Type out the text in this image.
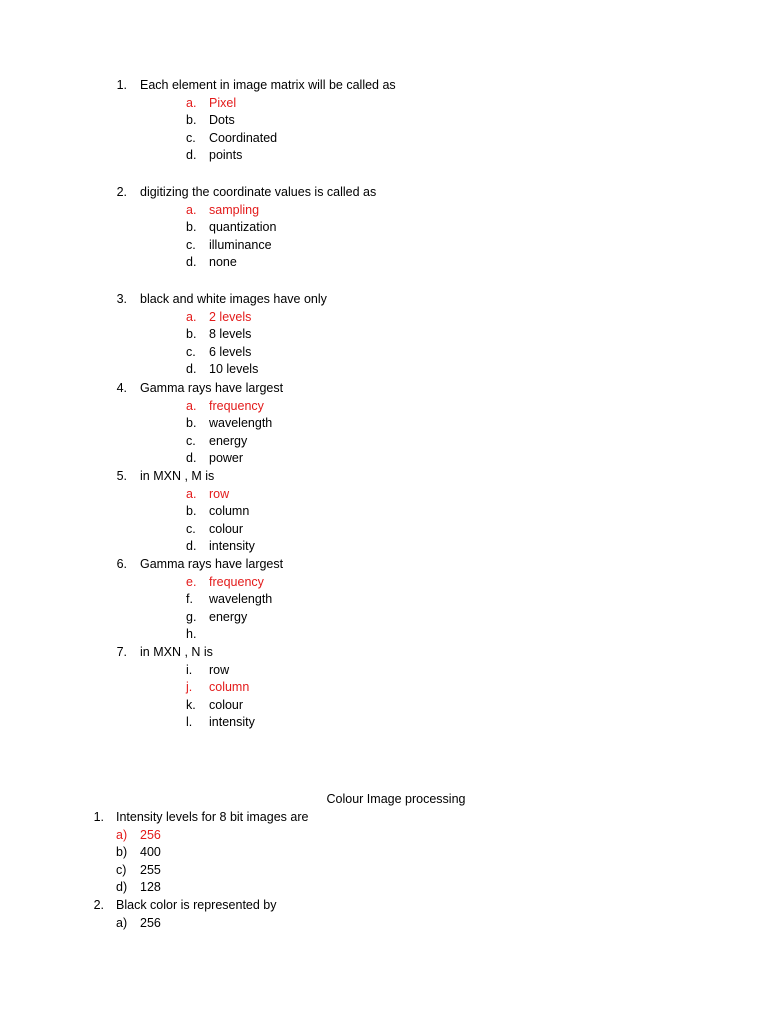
1. Each element in image matrix will be called as
a. Pixel
b. Dots
c. Coordinated
d. points
2. digitizing the coordinate values is called as
a. sampling
b. quantization
c. illuminance
d. none
3. black and white images have only
a. 2 levels
b. 8 levels
c. 6 levels
d. 10 levels
4. Gamma rays have largest
a. frequency
b. wavelength
c. energy
d. power
5. in MXN , M is
a. row
b. column
c. colour
d. intensity
6. Gamma rays have largest
e. frequency
f. wavelength
g. energy
h.
7. in MXN , N is
i. row
j. column
k. colour
l. intensity
Colour Image processing
1. Intensity levels for 8 bit images are
a) 256
b) 400
c) 255
d) 128
2. Black color is represented by
a) 256
